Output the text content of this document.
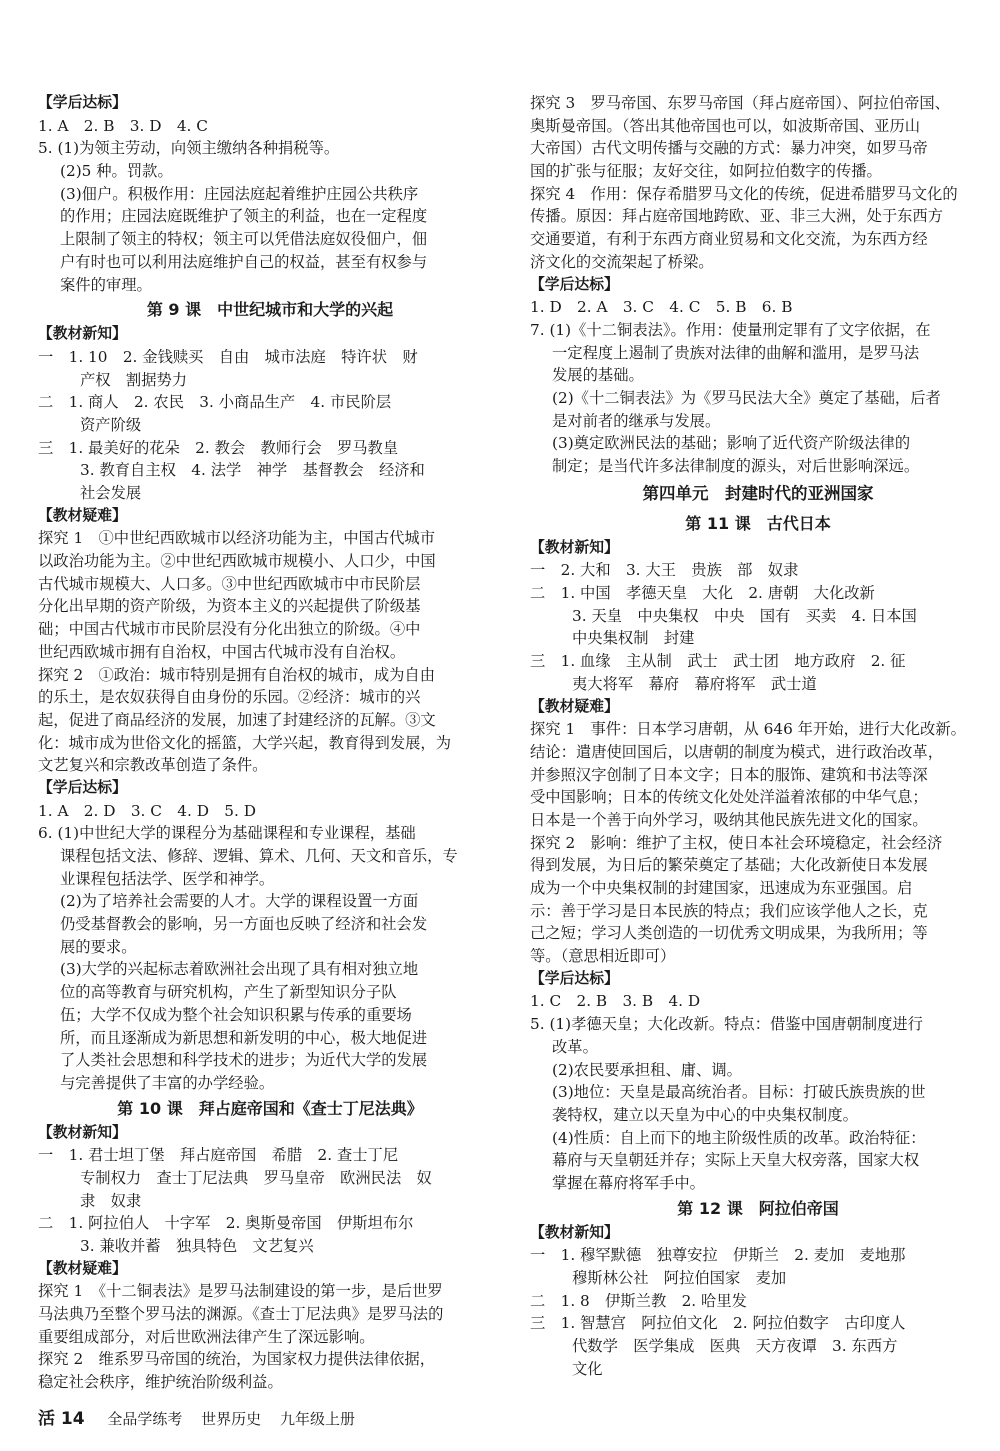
【学后达标】
1. A　2. B　3. D　4. C
5. (1)为领主劳动，向领主缴纳各种捐税等。
(2)5 种。罚款。
(3)佃户。积极作用：庄园法庭起着维护庄园公共秩序
的作用；庄园法庭既维护了领主的利益，也在一定程度
上限制了领主的特权；领主可以凭借法庭奴役佃户，佃
户有时也可以利用法庭维护自己的权益，甚至有权参与
案件的审理。
第 9 课　中世纪城市和大学的兴起
【教材新知】
一　1. 10　2. 金钱赎买　自由　城市法庭　特许状　财
产权　割据势力
二　1. 商人　2. 农民　3. 小商品生产　4. 市民阶层
资产阶级
三　1. 最美好的花朵　2. 教会　教师行会　罗马教皇
3. 教育自主权　4. 法学　神学　基督教会　经济和
社会发展
【教材疑难】
探究 1　①中世纪西欧城市以经济功能为主，中国古代城市
以政治功能为主。②中世纪西欧城市规模小、人口少，中国
古代城市规模大、人口多。③中世纪西欧城市中市民阶层
分化出早期的资产阶级，为资本主义的兴起提供了阶级基
础；中国古代城市市民阶层没有分化出独立的阶级。④中
世纪西欧城市拥有自治权，中国古代城市没有自治权。
探究 2　①政治：城市特别是拥有自治权的城市，成为自由
的乐土，是农奴获得自由身份的乐园。②经济：城市的兴
起，促进了商品经济的发展，加速了封建经济的瓦解。③文
化：城市成为世俗文化的摇篮，大学兴起，教育得到发展，为
文艺复兴和宗教改革创造了条件。
【学后达标】
1. A　2. D　3. C　4. D　5. D
6. (1)中世纪大学的课程分为基础课程和专业课程，基础
课程包括文法、修辞、逻辑、算术、几何、天文和音乐，专
业课程包括法学、医学和神学。
(2)为了培养社会需要的人才。大学的课程设置一方面
仍受基督教会的影响，另一方面也反映了经济和社会发
展的要求。
(3)大学的兴起标志着欧洲社会出现了具有相对独立地
位的高等教育与研究机构，产生了新型知识分子队
伍；大学不仅成为整个社会知识积累与传承的重要场
所，而且逐渐成为新思想和新发明的中心，极大地促进
了人类社会思想和科学技术的进步；为近代大学的发展
与完善提供了丰富的办学经验。
第 10 课　拜占庭帝国和《查士丁尼法典》
【教材新知】
一　1. 君士坦丁堡　拜占庭帝国　希腊　2. 查士丁尼
专制权力　查士丁尼法典　罗马皇帝　欧洲民法　奴
隶　奴隶
二　1. 阿拉伯人　十字军　2. 奥斯曼帝国　伊斯坦布尔
3. 兼收并蓄　独具特色　文艺复兴
【教材疑难】
探究 1　《十二铜表法》是罗马法制建设的第一步，是后世罗
马法典乃至整个罗马法的渊源。《查士丁尼法典》是罗马法的
重要组成部分，对后世欧洲法律产生了深远影响。
探究 2　维系罗马帝国的统治，为国家权力提供法律依据，
稳定社会秩序，维护统治阶级利益。
探究 3　罗马帝国、东罗马帝国（拜占庭帝国）、阿拉伯帝国、
奥斯曼帝国。（答出其他帝国也可以，如波斯帝国、亚历山
大帝国）古代文明传播与交融的方式：暴力冲突，如罗马帝
国的扩张与征服；友好交往，如阿拉伯数字的传播。
探究 4　作用：保存希腊罗马文化的传统，促进希腊罗马文化的
传播。原因：拜占庭帝国地跨欧、亚、非三大洲，处于东西方
交通要道，有利于东西方商业贸易和文化交流，为东西方经
济文化的交流架起了桥梁。
【学后达标】
1. D　2. A　3. C　4. C　5. B　6. B
7. (1)《十二铜表法》。作用：使量刑定罪有了文字依据，在
一定程度上遏制了贵族对法律的曲解和滥用，是罗马法
发展的基础。
(2)《十二铜表法》为《罗马民法大全》奠定了基础，后者
是对前者的继承与发展。
(3)奠定欧洲民法的基础；影响了近代资产阶级法律的
制定；是当代许多法律制度的源头，对后世影响深远。
第四单元　封建时代的亚洲国家
第 11 课　古代日本
【教材新知】
一　2. 大和　3. 大王　贵族　部　奴隶
二　1. 中国　孝德天皇　大化　2. 唐朝　大化改新
3. 天皇　中央集权　中央　国有　买卖　4. 日本国
中央集权制　封建
三　1. 血缘　主从制　武士　武士团　地方政府　2. 征
夷大将军　幕府　幕府将军　武士道
【教材疑难】
探究 1　事件：日本学习唐朝，从 646 年开始，进行大化改新。
结论：遣唐使回国后，以唐朝的制度为模式，进行政治改革，
并参照汉字创制了日本文字；日本的服饰、建筑和书法等深
受中国影响；日本的传统文化处处洋溢着浓郁的中华气息；
日本是一个善于向外学习，吸纳其他民族先进文化的国家。
探究 2　影响：维护了主权，使日本社会环境稳定，社会经济
得到发展，为日后的繁荣奠定了基础；大化改新使日本发展
成为一个中央集权制的封建国家，迅速成为东亚强国。启
示：善于学习是日本民族的特点；我们应该学他人之长，克
己之短；学习人类创造的一切优秀文明成果，为我所用；等
等。（意思相近即可）
【学后达标】
1. C　2. B　3. B　4. D
5. (1)孝德天皇；大化改新。特点：借鉴中国唐朝制度进行
改革。
(2)农民要承担租、庸、调。
(3)地位：天皇是最高统治者。目标：打破氏族贵族的世
袭特权，建立以天皇为中心的中央集权制度。
(4)性质：自上而下的地主阶级性质的改革。政治特征：
幕府与天皇朝廷并存；实际上天皇大权旁落，国家大权
掌握在幕府将军手中。
第 12 课　阿拉伯帝国
【教材新知】
一　1. 穆罕默德　独尊安拉　伊斯兰　2. 麦加　麦地那
穆斯林公社　阿拉伯国家　麦加
二　1. 8　伊斯兰教　2. 哈里发
三　1. 智慧宫　阿拉伯文化　2. 阿拉伯数字　古印度人
代数学　医学集成　医典　天方夜谭　3. 东西方
文化
活 14 全品学练考 世界历史 九年级上册
